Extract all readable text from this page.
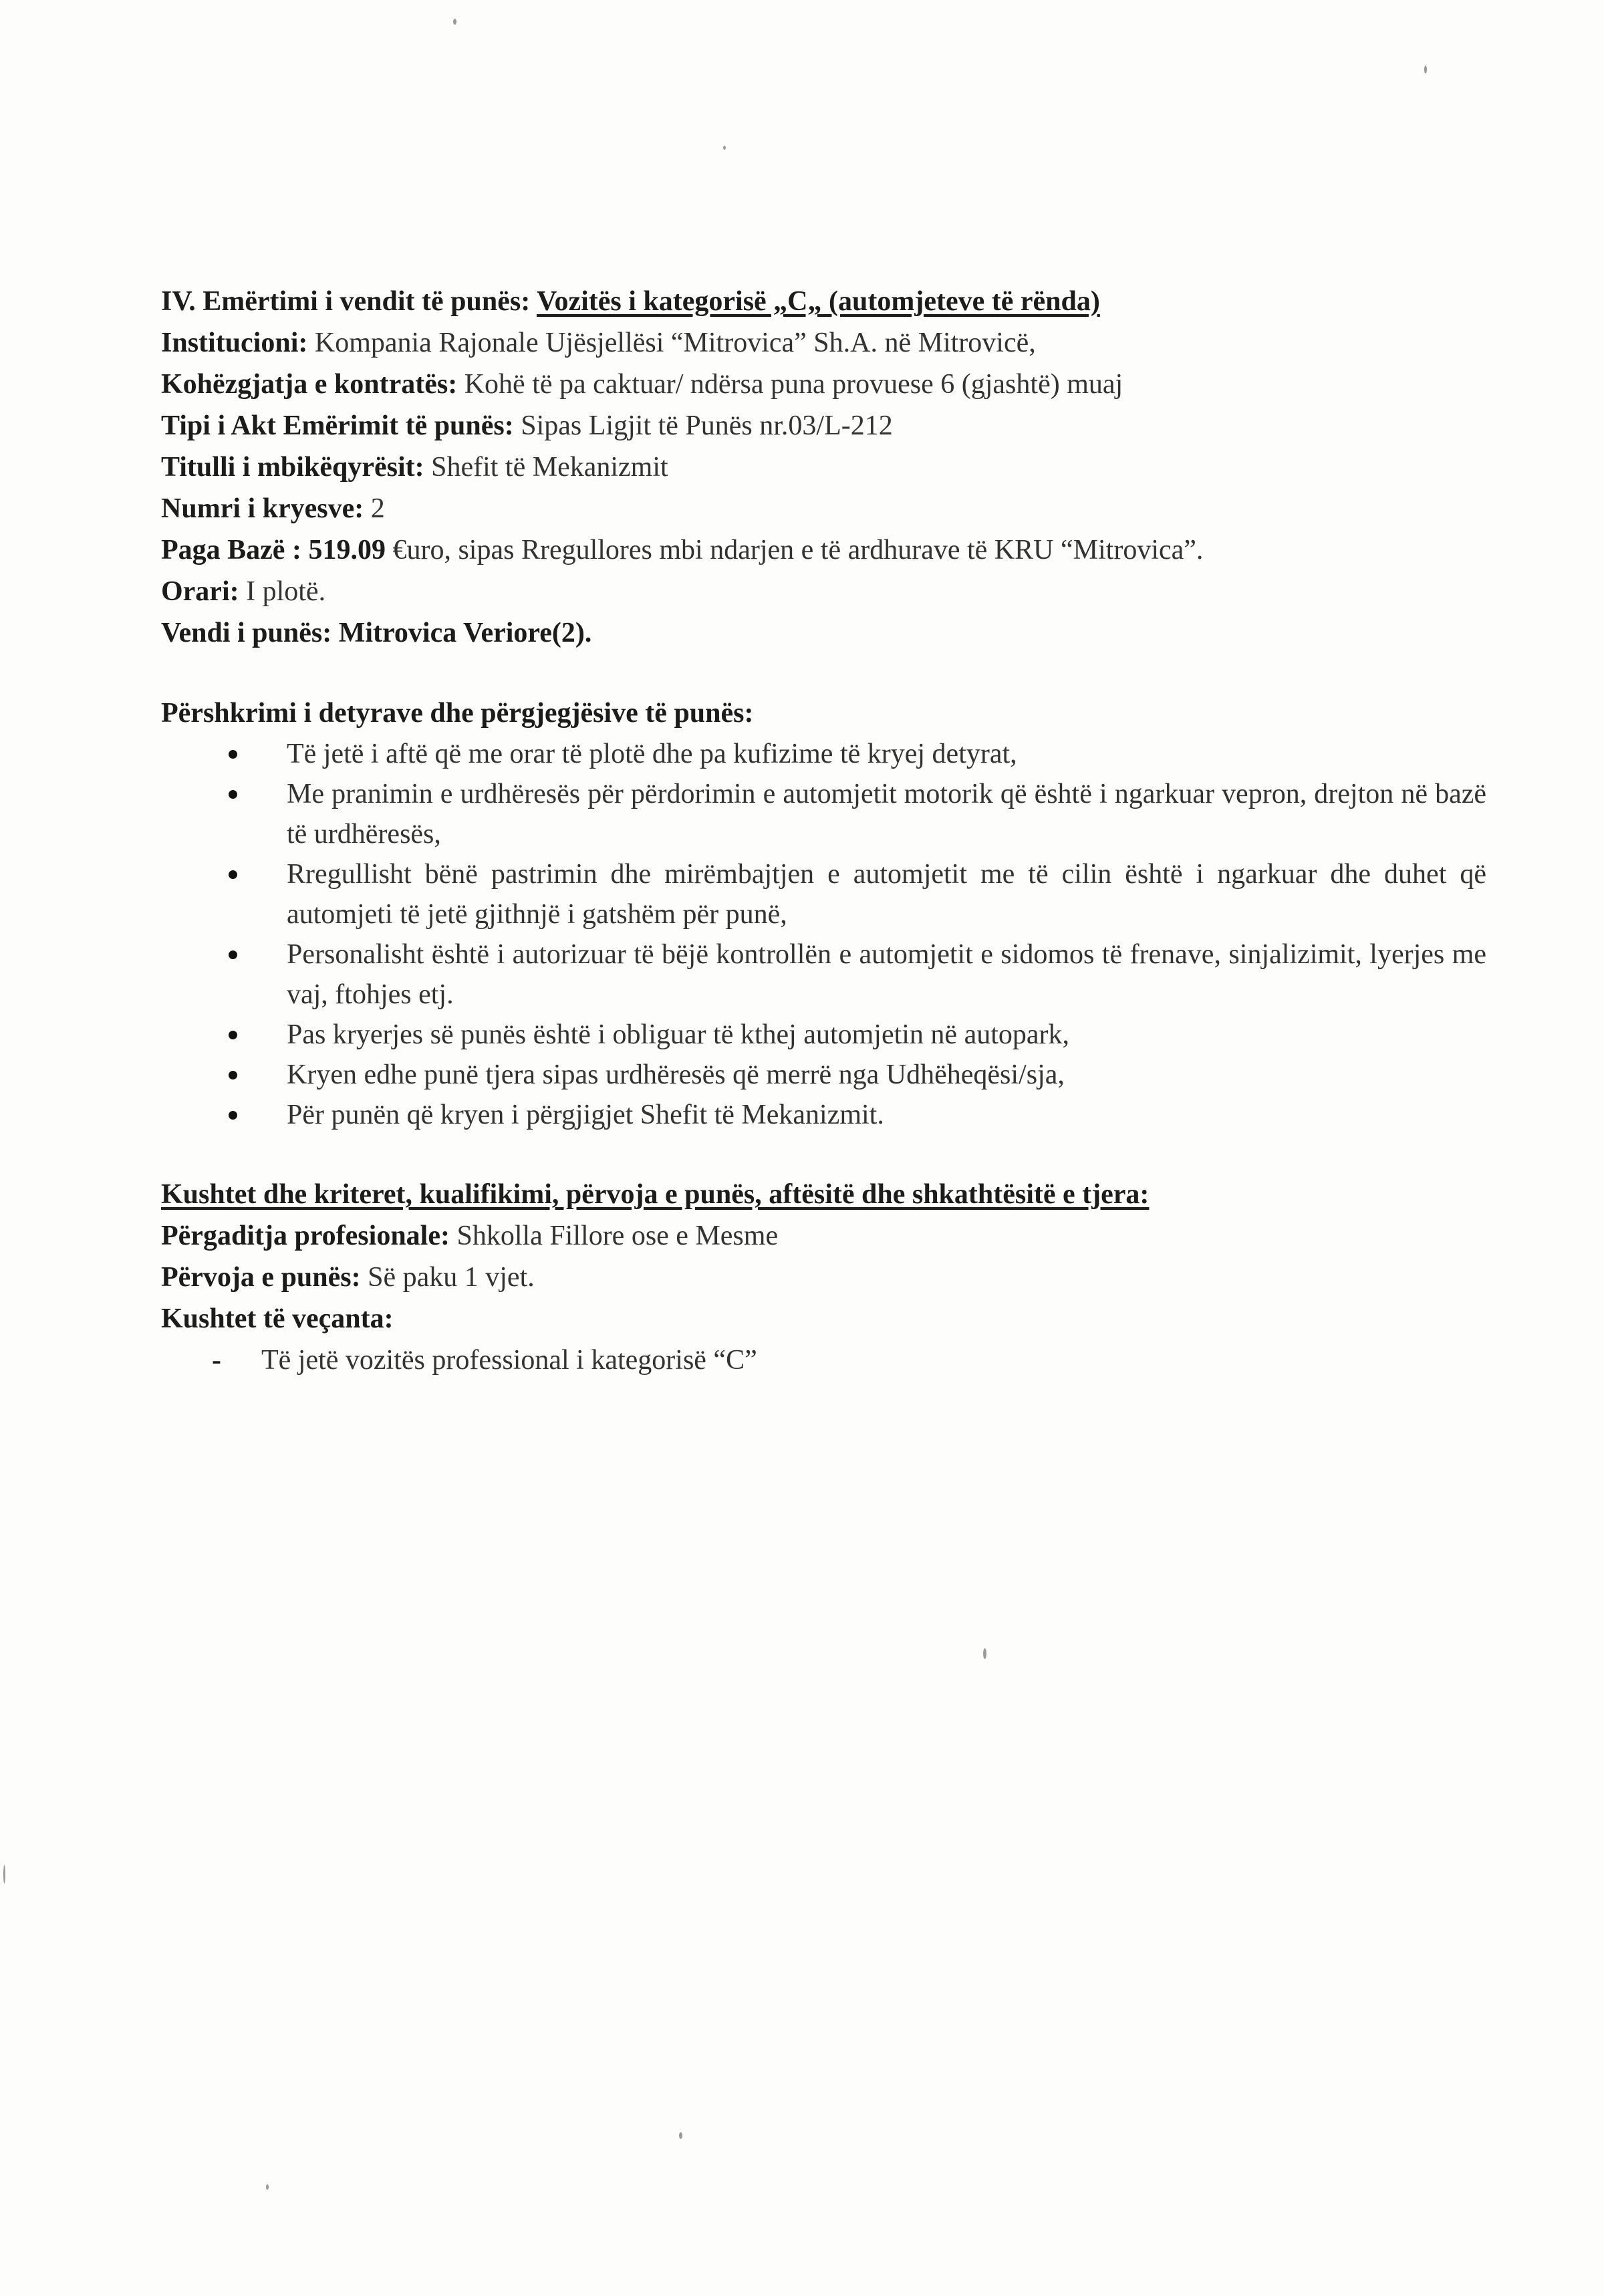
IV. Emërtimi i vendit të punës: Vozitës i kategorisë „C„ (automjeteve të rënda)
Institucioni: Kompania Rajonale Ujësjellësi “Mitrovica” Sh.A. në Mitrovicë,
Kohëzgjatja e kontratës: Kohë të pa caktuar/ ndërsa puna provuese 6 (gjashtë) muaj
Tipi i Akt Emërimit të punës: Sipas Ligjit të Punës nr.03/L-212
Titulli i mbikëqyrësit: Shefit të Mekanizmit
Numri i kryesve: 2
Paga Bazë : 519.09 €uro, sipas Rregullores mbi ndarjen e të ardhurave të KRU “Mitrovica”.
Orari: I plotë.
Vendi i punës: Mitrovica Veriore(2).
Përshkrimi i detyrave dhe përgjegjësive të punës:
Të jetë i aftë që me orar të plotë dhe pa kufizime të kryej detyrat,
Me pranimin e urdhëresës për përdorimin e automjetit motorik që është i ngarkuar vepron, drejton në bazë të urdhëresës,
Rregullisht bënë pastrimin dhe mirëmbajtjen e automjetit me të cilin është i ngarkuar dhe duhet që automjeti të jetë gjithnjë i gatshëm për punë,
Personalisht është i autorizuar të bëjë kontrollën e automjetit e sidomos të frenave, sinjalizimit, lyerjes me vaj, ftohjes etj.
Pas kryerjes së punës është i obliguar të kthej automjetin në autopark,
Kryen edhe punë tjera sipas urdhëresës që merrë nga Udhëheqësi/sja,
Për punën që kryen i përgjigjet Shefit të Mekanizmit.
Kushtet dhe kriteret, kualifikimi, përvoja e punës, aftësitë dhe shkathtësitë e tjera:
Përgaditja profesionale: Shkolla Fillore ose e Mesme
Përvoja e punës: Së paku 1 vjet.
Kushtet të veçanta:
- Të jetë vozitës professional i kategorisë “C”
